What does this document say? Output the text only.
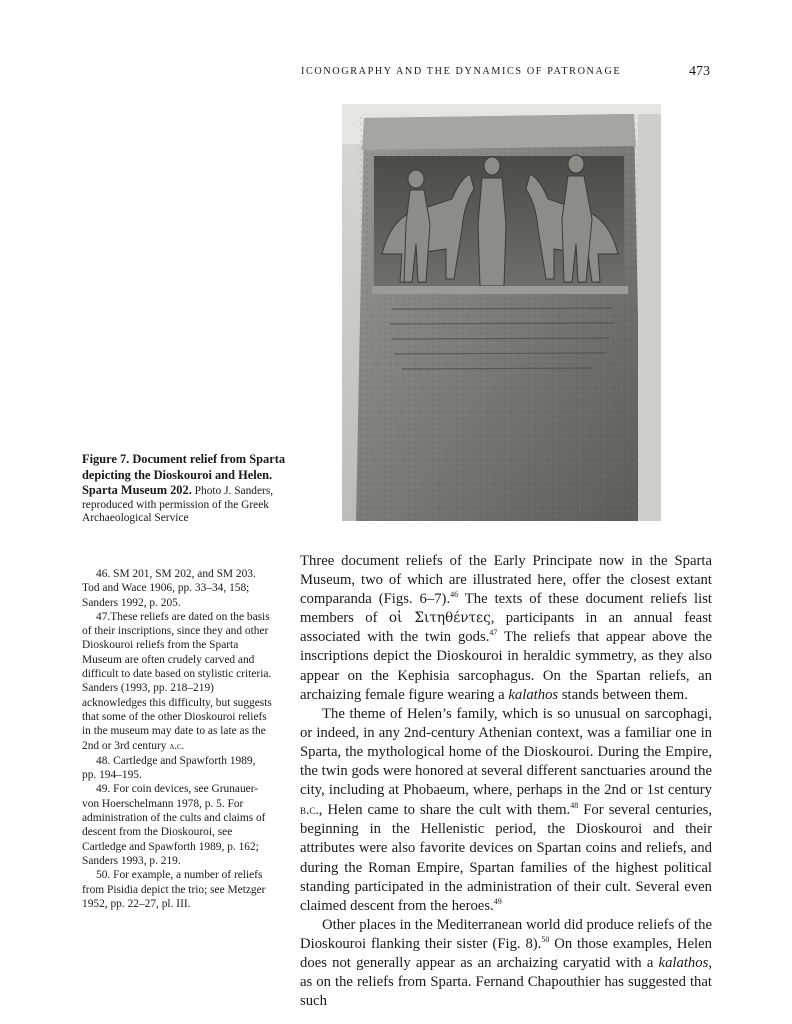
ICONOGRAPHY AND THE DYNAMICS OF PATRONAGE	473
Figure 7. Document relief from Sparta depicting the Dioskouroi and Helen. Sparta Museum 202. Photo J. Sanders, reproduced with permission of the Greek Archaeological Service

46. SM 201, SM 202, and SM 203. Tod and Wace 1906, pp. 33–34, 158; Sanders 1992, p. 205.

47.These reliefs are dated on the basis of their inscriptions, since they and other Dioskouroi reliefs from the Sparta Museum are often crudely carved and difficult to date based on stylistic criteria. Sanders (1993, pp. 218–219) acknowledges this difficulty, but suggests that some of the other Dioskouroi reliefs in the museum may date to as late as the 2nd or 3rd century a.c.

48. Cartledge and Spawforth 1989, pp. 194–195.

49. For coin devices, see Grunauer-von Hoerschelmann 1978, p. 5. For administration of the cults and claims of descent from the Dioskouroi, see Cartledge and Spawforth 1989, p. 162; Sanders 1993, p. 219.

50. For example, a number of reliefs from Pisidia depict the trio; see Metzger 1952, pp. 22–27, pl. III.

Three document reliefs of the Early Principate now in the Sparta Museum, two of which are illustrated here, offer the closest extant comparanda (Figs. 6–7).$^{46}$ The texts of these document reliefs list members of οἱ Σιτηθέντες, participants in an annual feast associated with the twin gods.$^{47}$ The reliefs that appear above the inscriptions depict the Dioskouroi in heraldic symmetry, as they also appear on the Kephisia sarcophagus. On the Spartan reliefs, an archaizing female figure wearing a kalathos stands between them.

The theme of Helen’s family, which is so unusual on sarcophagi, or indeed, in any 2nd-century Athenian context, was a familiar one in Sparta, the mythological home of the Dioskouroi. During the Empire, the twin gods were honored at several different sanctuaries around the city, including at Phobaeum, where, perhaps in the 2nd or 1st century b.c., Helen came to share the cult with them.$^{48}$ For several centuries, beginning in the Hellenistic period, the Dioskouroi and their attributes were also favorite devices on Spartan coins and reliefs, and during the Roman Empire, Spartan families of the highest political standing participated in the administration of their cult. Several even claimed descent from the heroes.$^{49}$

Other places in the Mediterranean world did produce reliefs of the Dioskouroi flanking their sister (Fig. 8).$^{50}$ On those examples, Helen does not generally appear as an archaizing caryatid with a kalathos, as on the reliefs from Sparta. Fernand Chapouthier has suggested that such
